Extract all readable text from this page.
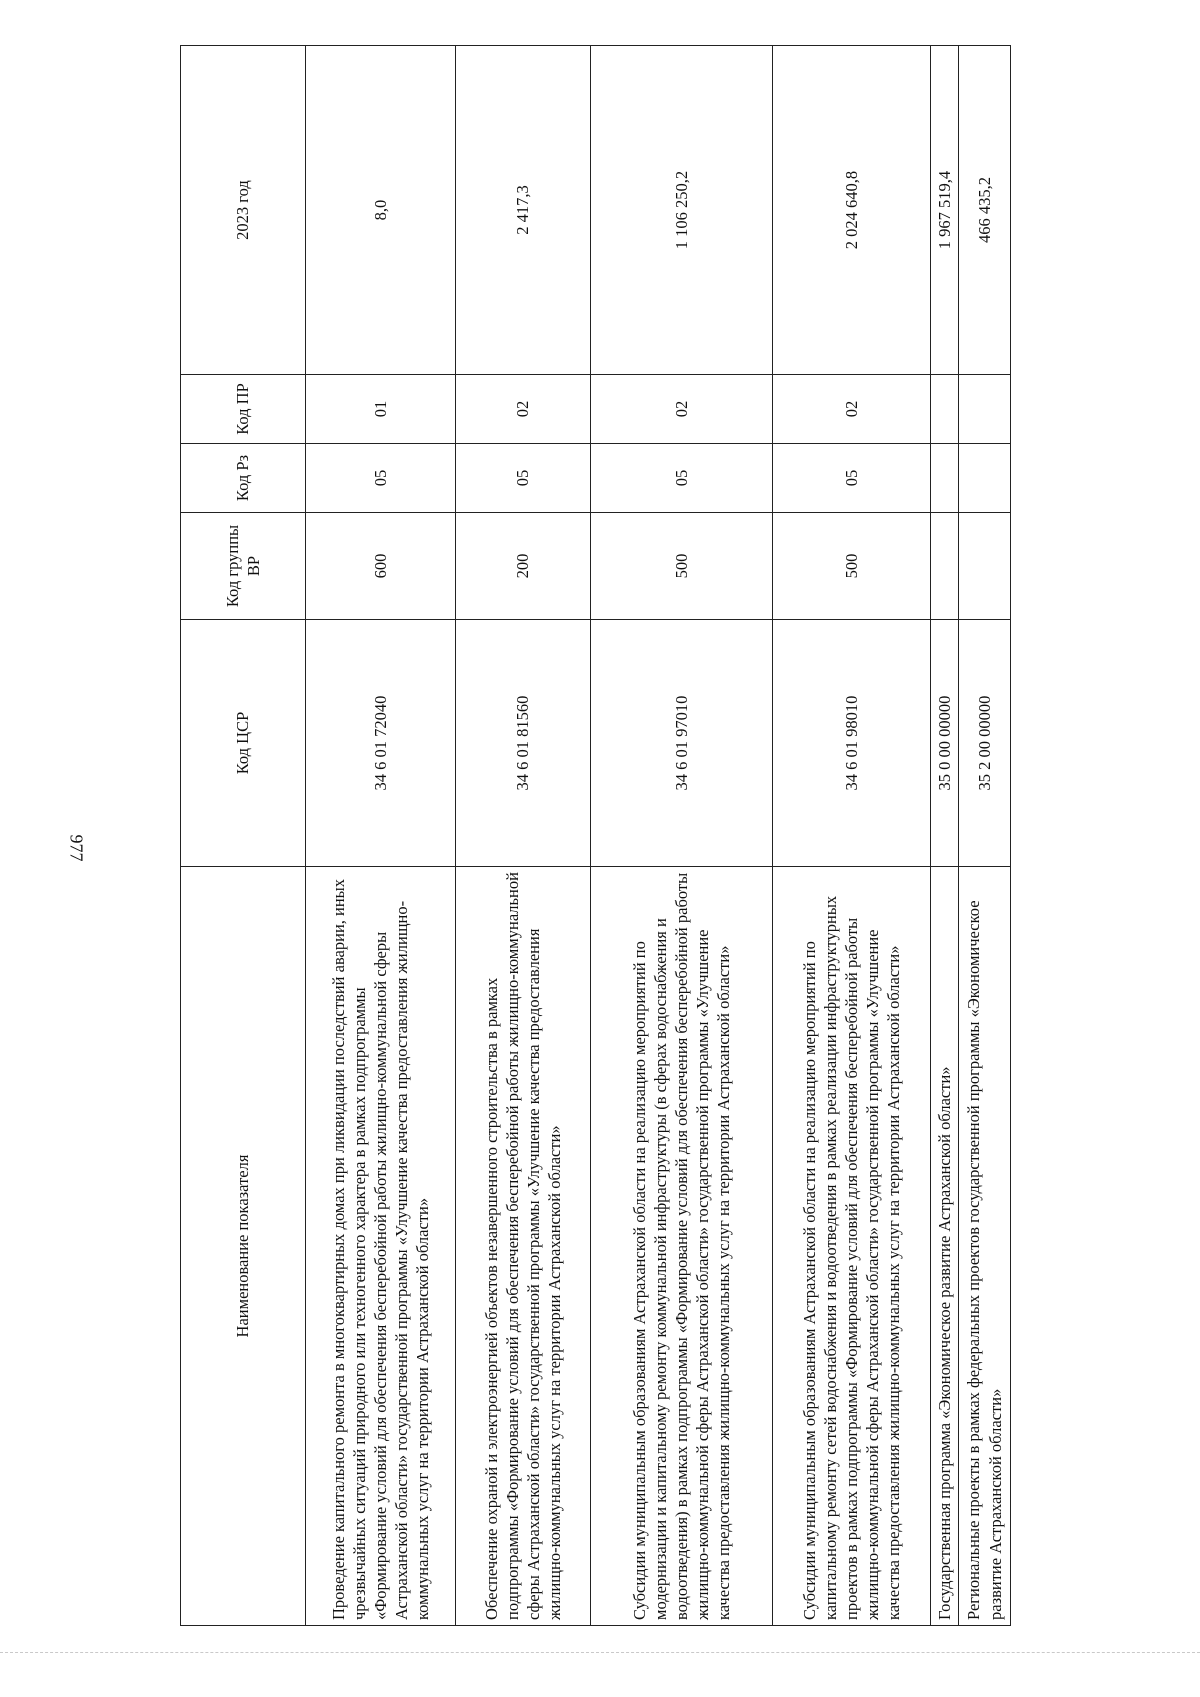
977
Наименование показателя	Код ЦСР	Код группы ВР	Код Рз	Код ПР	2023 год
Проведение капитального ремонта в многоквартирных домах при ликвидации последствий аварии, иных чрезвычайных ситуаций природного или техногенного характера в рамках подпрограммы «Формирование условий для обеспечения бесперебойной работы жилищно-коммунальной сферы Астраханской области» государственной программы «Улучшение качества предоставления жилищно-коммунальных услуг на территории Астраханской области»	34 6 01 72040	600	05	01	8,0
Обеспечение охраной и электроэнергией объектов незавершенного строительства в рамках подпрограммы «Формирование условий для обеспечения бесперебойной работы жилищно-коммунальной сферы Астраханской области» государственной программы «Улучшение качества предоставления жилищно-коммунальных услуг на территории Астраханской области»	34 6 01 81560	200	05	02	2 417,3
Субсидии муниципальным образованиям Астраханской области на реализацию мероприятий по модернизации и капитальному ремонту коммунальной инфраструктуры (в сферах водоснабжения и водоотведения) в рамках подпрограммы «Формирование условий для обеспечения бесперебойной работы жилищно-коммунальной сферы Астраханской области» государственной программы «Улучшение качества предоставления жилищно-коммунальных услуг на территории Астраханской области»	34 6 01 97010	500	05	02	1 106 250,2
Субсидии муниципальным образованиям Астраханской области на реализацию мероприятий по капитальному ремонту сетей водоснабжения и водоотведения в рамках реализации инфраструктурных проектов в рамках подпрограммы «Формирование условий для обеспечения бесперебойной работы жилищно-коммунальной сферы Астраханской области» государственной программы «Улучшение качества предоставления жилищно-коммунальных услуг на территории Астраханской области»	34 6 01 98010	500	05	02	2 024 640,8
Государственная программа «Экономическое развитие Астраханской области»	35 0 00 00000				1 967 519,4
Региональные проекты в рамках федеральных проектов государственной программы «Экономическое развитие Астраханской области»	35 2 00 00000				466 435,2
